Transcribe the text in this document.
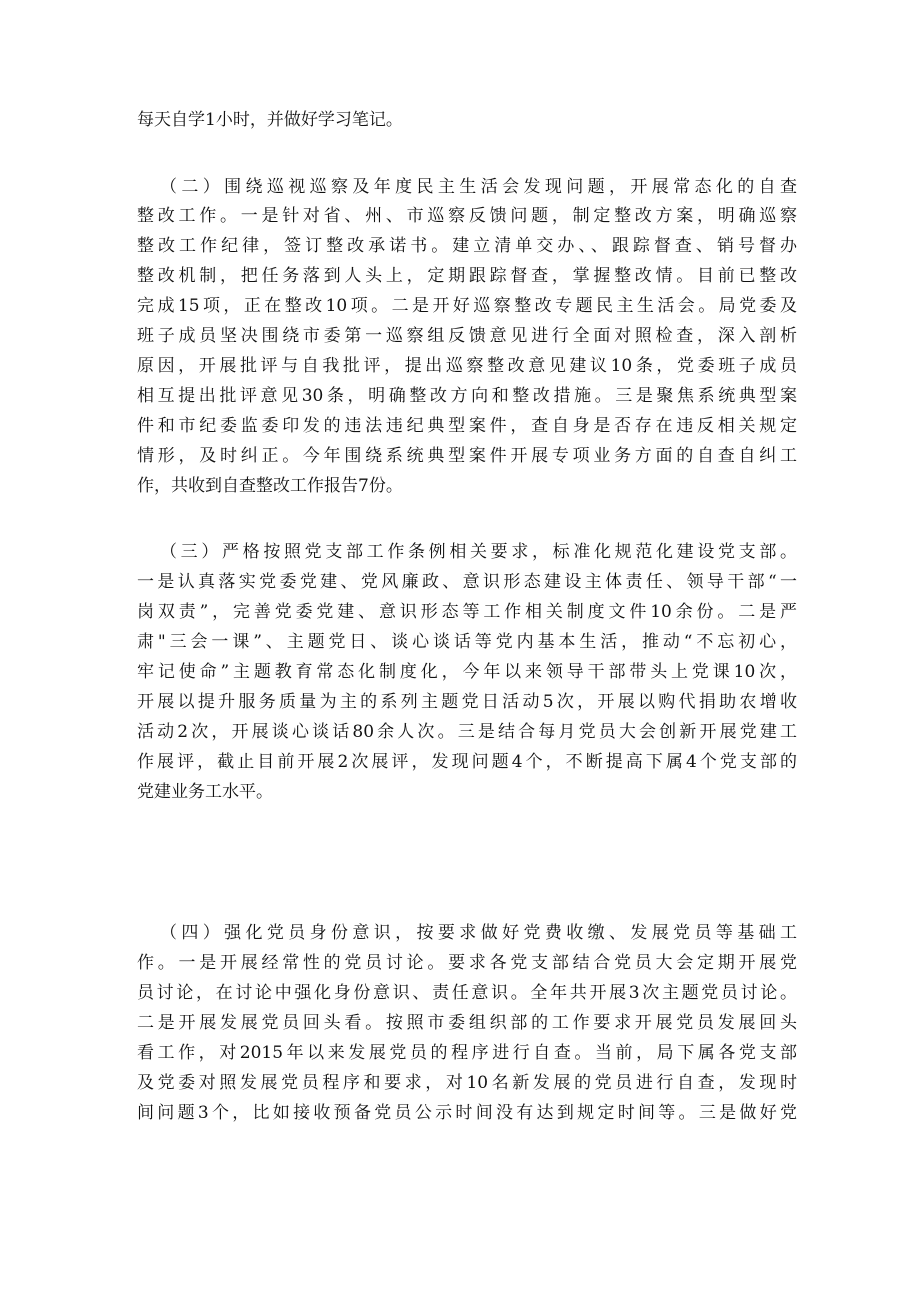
每天自学1小时，并做好学习笔记。
（二）围绕巡视巡察及年度民主生活会发现问题，开展常态化的自查
整改工作。一是针对省、州、市巡察反馈问题，制定整改方案，明确巡察
整改工作纪律，签订整改承诺书。建立清单交办、、跟踪督查、销号督办
整改机制，把任务落到人头上，定期跟踪督查，掌握整改情。目前已整改
完成15项，正在整改10项。二是开好巡察整改专题民主生活会。局党委及
班子成员坚决围绕市委第一巡察组反馈意见进行全面对照检查，深入剖析
原因，开展批评与自我批评，提出巡察整改意见建议10条，党委班子成员
相互提出批评意见30条，明确整改方向和整改措施。三是聚焦系统典型案
件和市纪委监委印发的违法违纪典型案件，查自身是否存在违反相关规定
情形，及时纠正。今年围绕系统典型案件开展专项业务方面的自查自纠工
作，共收到自查整改工作报告7份。
（三）严格按照党支部工作条例相关要求，标准化规范化建设党支部。
一是认真落实党委党建、党风廉政、意识形态建设主体责任、领导干部“一
岗双责”，完善党委党建、意识形态等工作相关制度文件10余份。二是严
肃"三会一课”、主题党日、谈心谈话等党内基本生活，推动“不忘初心，
牢记使命”主题教育常态化制度化，今年以来领导干部带头上党课10次，
开展以提升服务质量为主的系列主题党日活动5次，开展以购代捐助农增收
活动2次，开展谈心谈话80余人次。三是结合每月党员大会创新开展党建工
作展评，截止目前开展2次展评，发现问题4个，不断提高下属4个党支部的
党建业务工水平。
（四）强化党员身份意识，按要求做好党费收缴、发展党员等基础工
作。一是开展经常性的党员讨论。要求各党支部结合党员大会定期开展党
员讨论，在讨论中强化身份意识、责任意识。全年共开展3次主题党员讨论。
二是开展发展党员回头看。按照市委组织部的工作要求开展党员发展回头
看工作，对2015年以来发展党员的程序进行自查。当前，局下属各党支部
及党委对照发展党员程序和要求，对10名新发展的党员进行自查，发现时
间问题3个，比如接收预备党员公示时间没有达到规定时间等。三是做好党
